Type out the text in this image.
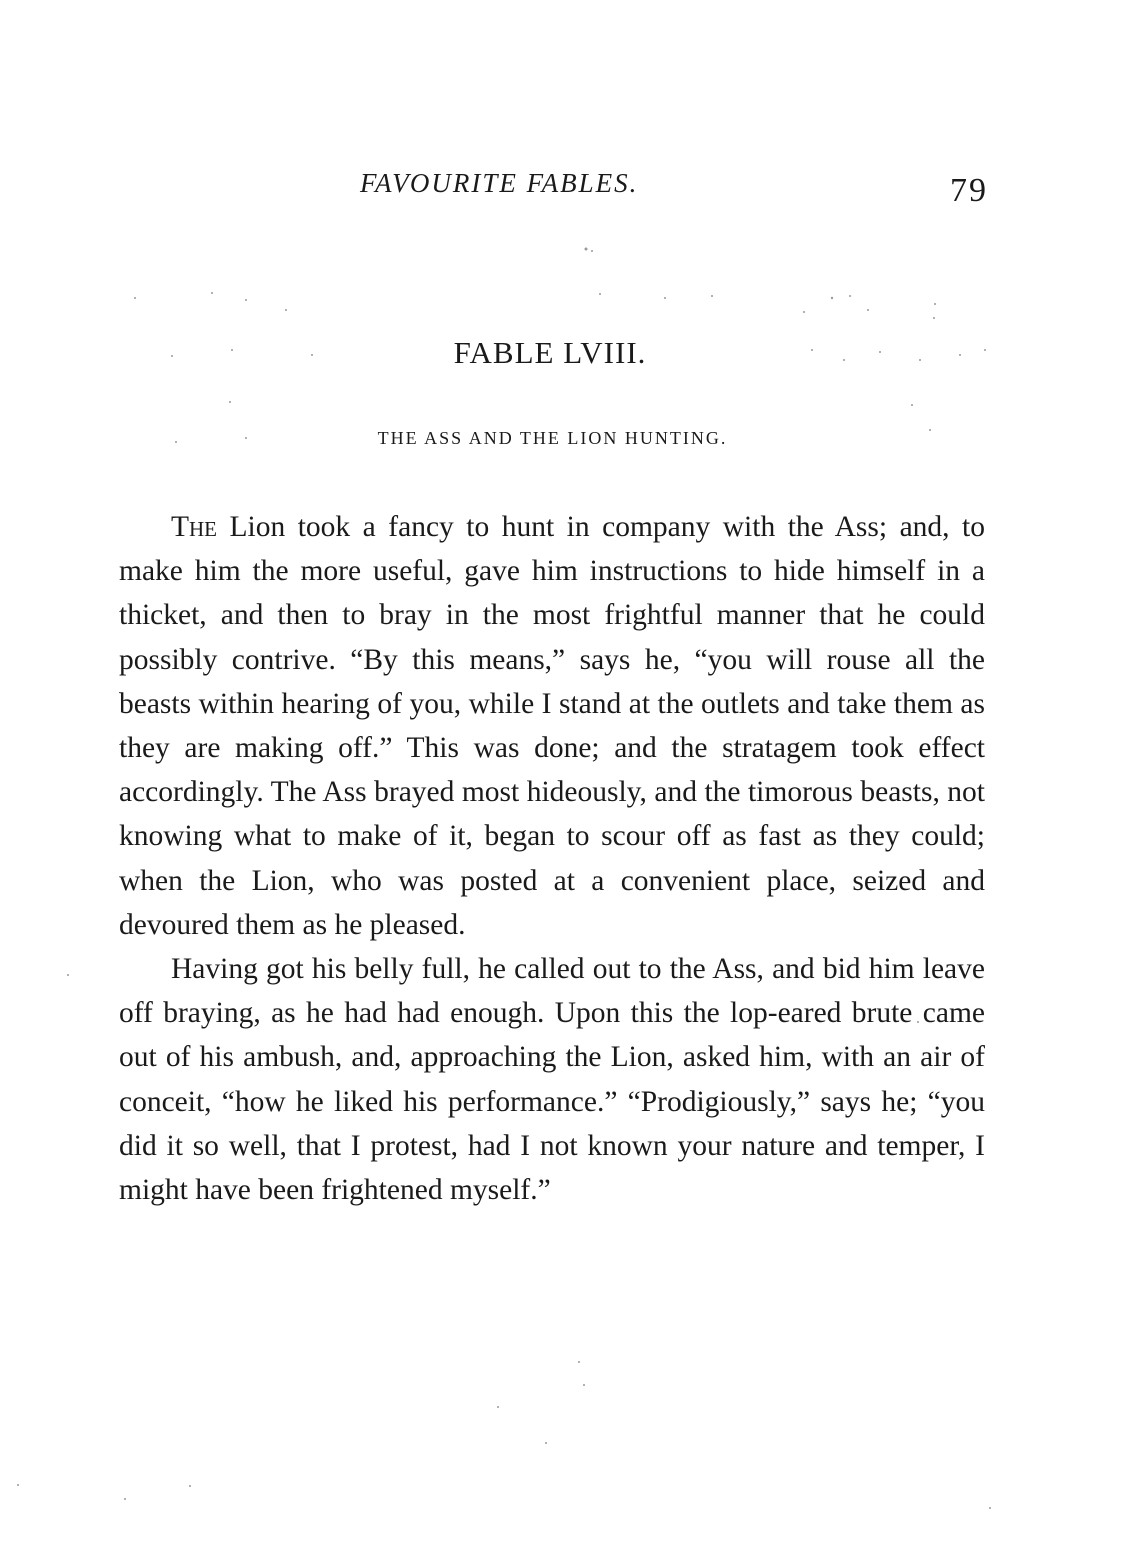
FAVOURITE FABLES.	79
FABLE LVIII.
THE ASS AND THE LION HUNTING.

The Lion took a fancy to hunt in company with the Ass; and, to make him the more useful, gave him instructions to hide himself in a thicket, and then to bray in the most frightful manner that he could possibly contrive. “By this means,” says he, “you will rouse all the beasts within hearing of you, while I stand at the outlets and take them as they are making off.” This was done; and the stratagem took effect accordingly. The Ass brayed most hideously, and the timorous beasts, not knowing what to make of it, began to scour off as fast as they could; when the Lion, who was posted at a convenient place, seized and devoured them as he pleased.

Having got his belly full, he called out to the Ass, and bid him leave off braying, as he had had enough. Upon this the lop-eared brute came out of his ambush, and, approaching the Lion, asked him, with an air of conceit, “how he liked his performance.” “Prodigiously,” says he; “you did it so well, that I protest, had I not known your nature and temper, I might have been frightened myself.”
